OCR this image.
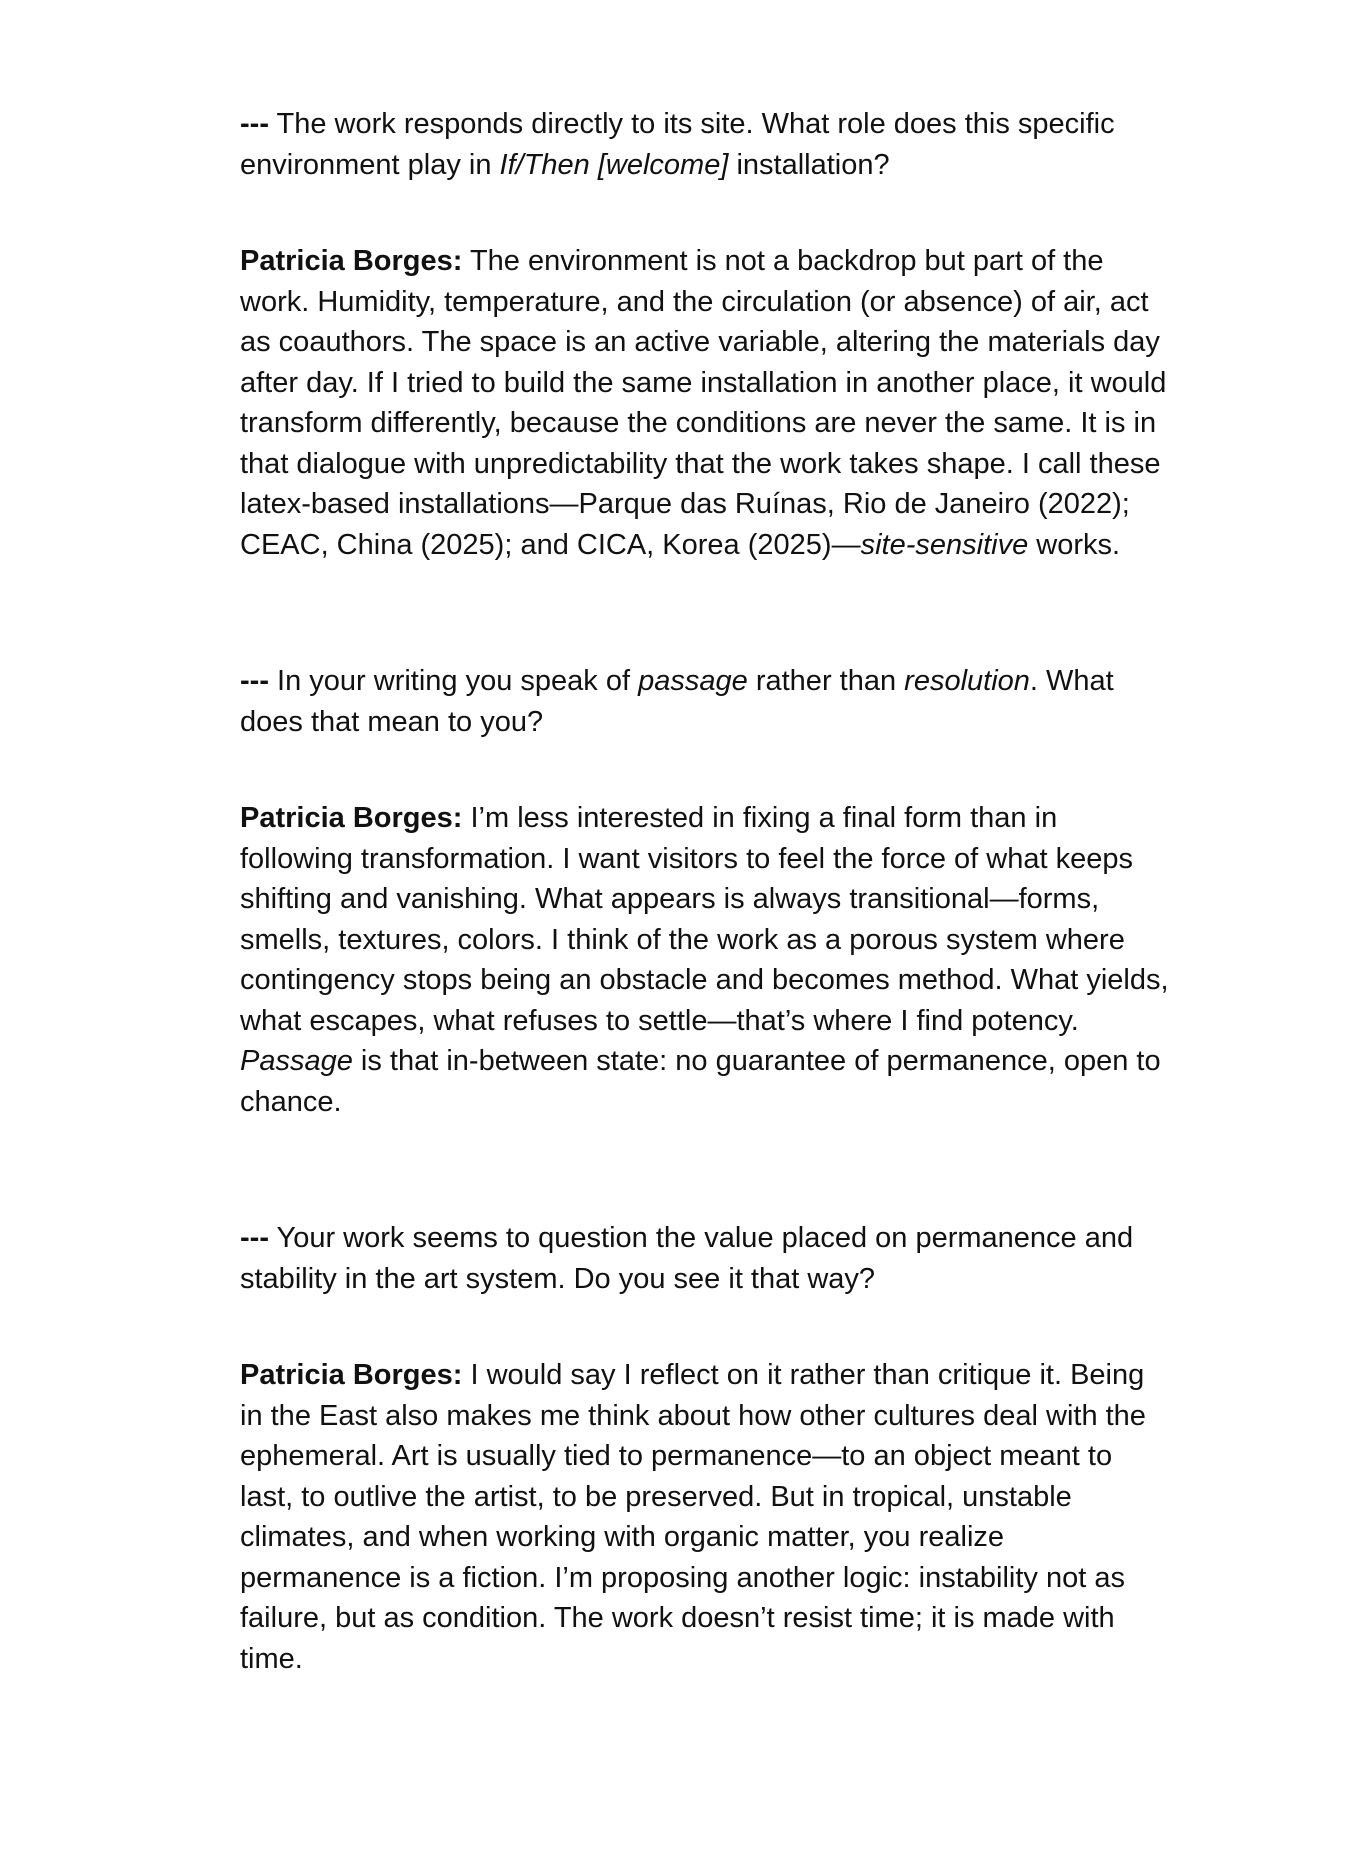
--- The work responds directly to its site. What role does this specific environment play in If/Then [welcome] installation?

Patricia Borges: The environment is not a backdrop but part of the work. Humidity, temperature, and the circulation (or absence) of air, act as coauthors. The space is an active variable, altering the materials day after day. If I tried to build the same installation in another place, it would transform differently, because the conditions are never the same. It is in that dialogue with unpredictability that the work takes shape. I call these latex-based installations—Parque das Ruínas, Rio de Janeiro (2022); CEAC, China (2025); and CICA, Korea (2025)—site-sensitive works.

--- In your writing you speak of passage rather than resolution. What does that mean to you?

Patricia Borges: I’m less interested in fixing a final form than in following transformation. I want visitors to feel the force of what keeps shifting and vanishing. What appears is always transitional—forms, smells, textures, colors. I think of the work as a porous system where contingency stops being an obstacle and becomes method. What yields, what escapes, what refuses to settle—that’s where I find potency. Passage is that in-between state: no guarantee of permanence, open to chance.

--- Your work seems to question the value placed on permanence and stability in the art system. Do you see it that way?

Patricia Borges: I would say I reflect on it rather than critique it. Being in the East also makes me think about how other cultures deal with the ephemeral. Art is usually tied to permanence—to an object meant to last, to outlive the artist, to be preserved. But in tropical, unstable climates, and when working with organic matter, you realize permanence is a fiction. I’m proposing another logic: instability not as failure, but as condition. The work doesn’t resist time; it is made with time.
